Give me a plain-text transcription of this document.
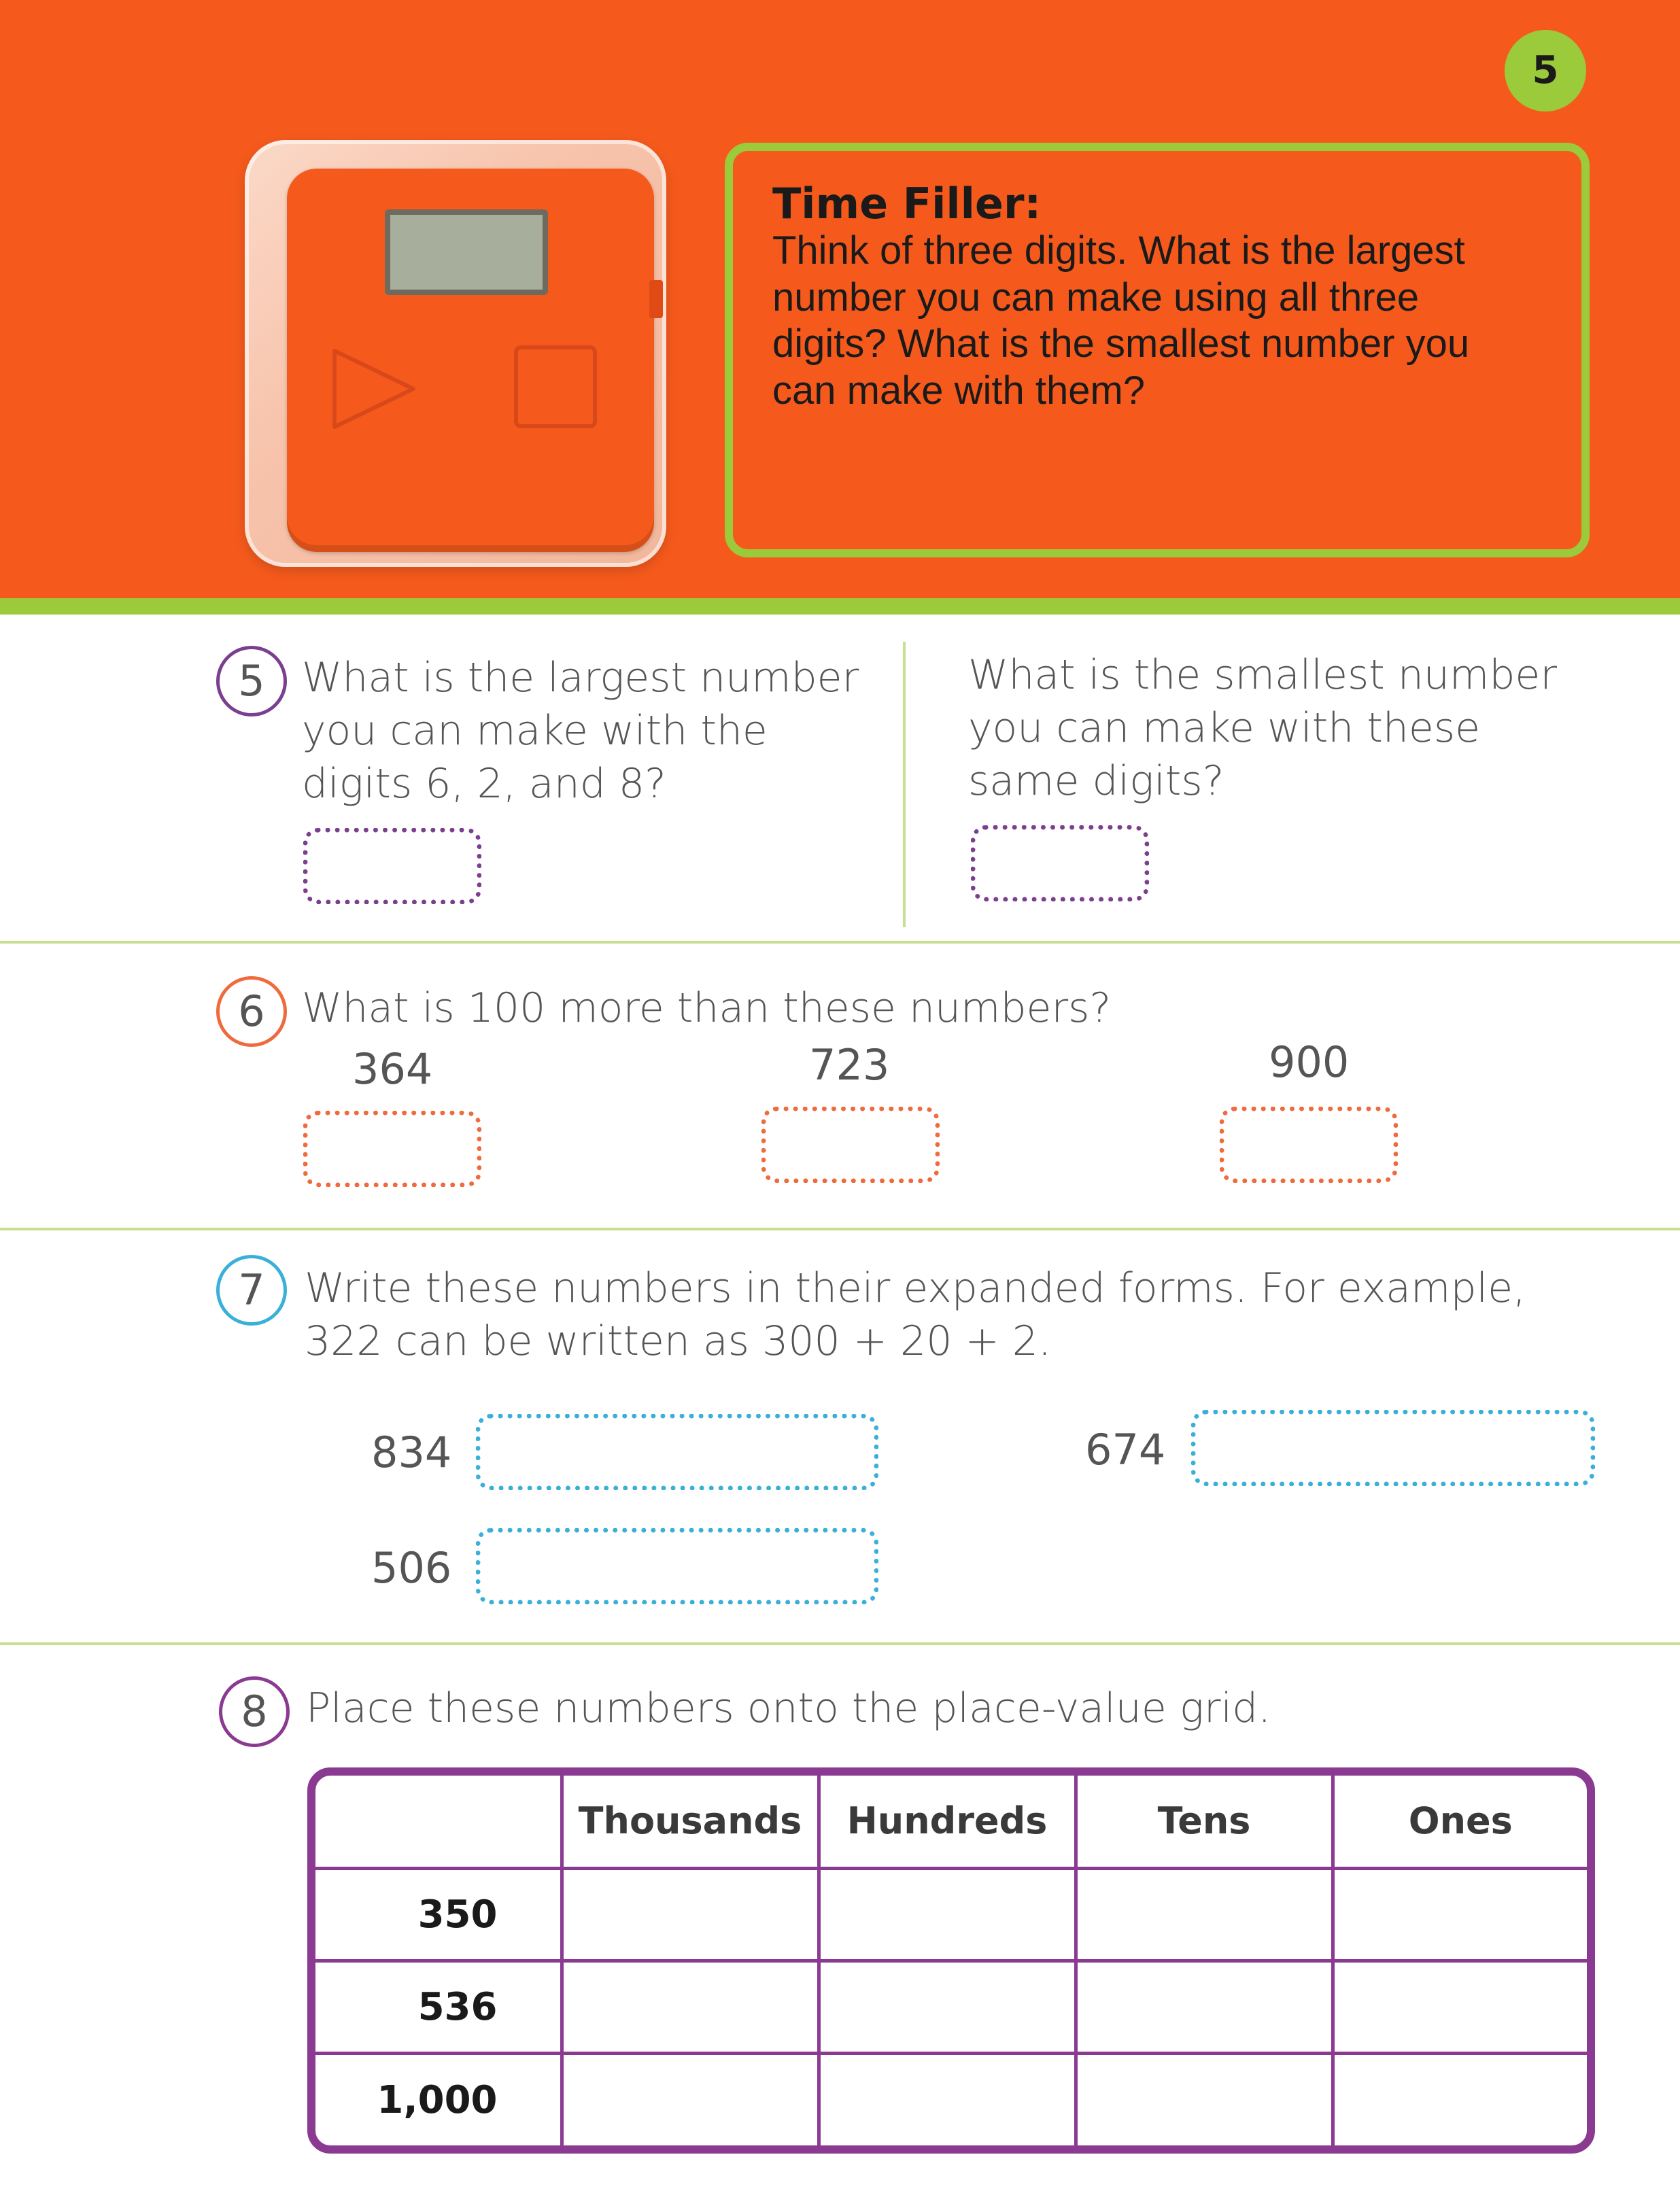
5
Time Filler:
Think of three digits. What is the largest number you can make using all three digits? What is the smallest number you can make with them?
5 What is the largest number you can make with the digits 6, 2, and 8?
What is the smallest number you can make with these same digits?
6 What is 100 more than these numbers?
364	723	900
7 Write these numbers in their expanded forms. For example, 322 can be written as 300 + 20 + 2.
834	674
506
8 Place these numbers onto the place-value grid.
	Thousands	Hundreds	Tens	Ones
350				
536				
1,000				
